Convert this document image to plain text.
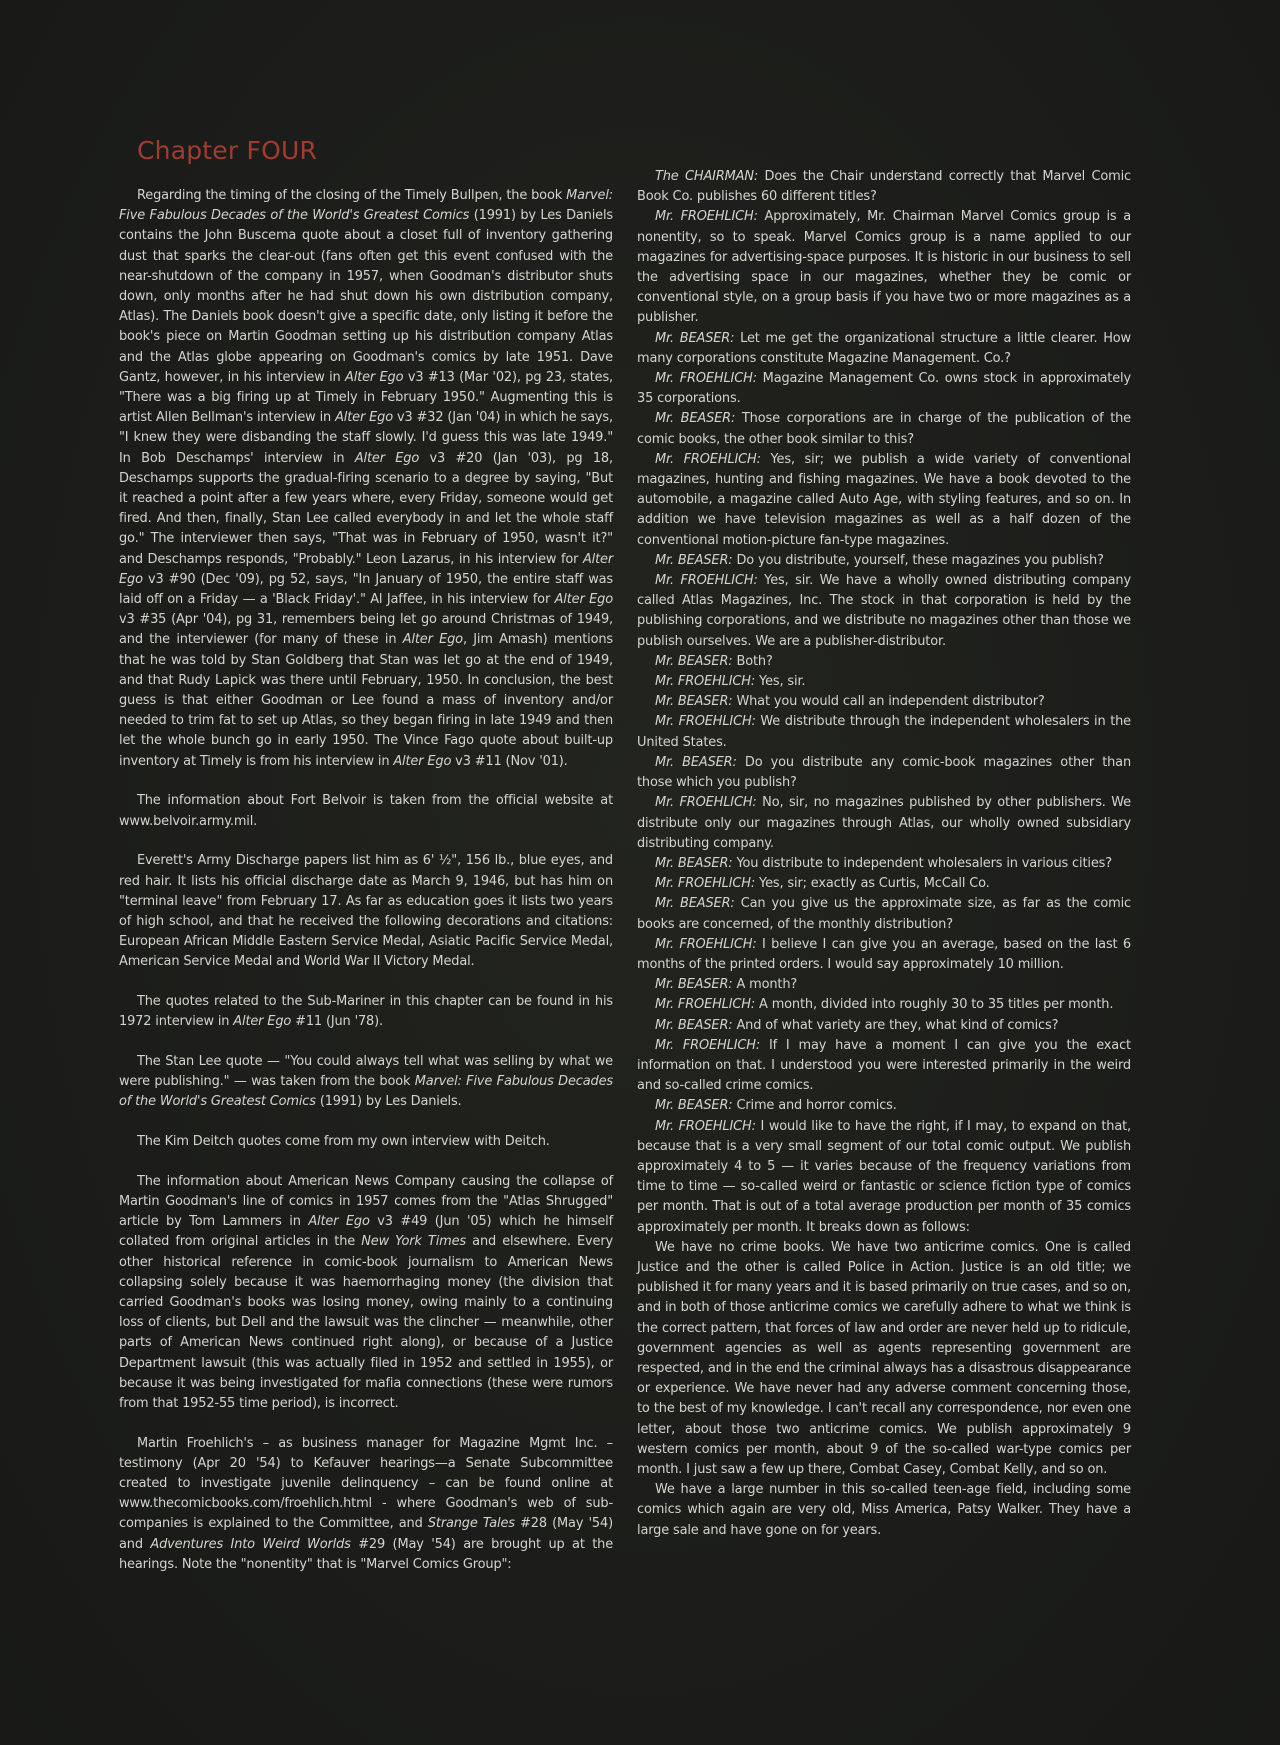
Chapter FOUR

Regarding the timing of the closing of the Timely Bullpen, the book Marvel: Five Fabulous Decades of the World's Greatest Comics (1991) by Les Daniels contains the John Buscema quote about a closet full of inventory gathering dust that sparks the clear-out (fans often get this event confused with the near-shutdown of the company in 1957, when Goodman's distributor shuts down, only months after he had shut down his own distribution company, Atlas). The Daniels book doesn't give a specific date, only listing it before the book's piece on Martin Goodman setting up his distribution company Atlas and the Atlas globe appearing on Goodman's comics by late 1951. Dave Gantz, however, in his interview in Alter Ego v3 #13 (Mar '02), pg 23, states, "There was a big firing up at Timely in February 1950." Augmenting this is artist Allen Bellman's interview in Alter Ego v3 #32 (Jan '04) in which he says, "I knew they were disbanding the staff slowly. I'd guess this was late 1949." In Bob Deschamps' interview in Alter Ego v3 #20 (Jan '03), pg 18, Deschamps supports the gradual-firing scenario to a degree by saying, "But it reached a point after a few years where, every Friday, someone would get fired. And then, finally, Stan Lee called everybody in and let the whole staff go." The interviewer then says, "That was in February of 1950, wasn't it?" and Deschamps responds, "Probably." Leon Lazarus, in his interview for Alter Ego v3 #90 (Dec '09), pg 52, says, "In January of 1950, the entire staff was laid off on a Friday — a 'Black Friday'." Al Jaffee, in his interview for Alter Ego v3 #35 (Apr '04), pg 31, remembers being let go around Christmas of 1949, and the interviewer (for many of these in Alter Ego, Jim Amash) mentions that he was told by Stan Goldberg that Stan was let go at the end of 1949, and that Rudy Lapick was there until February, 1950. In conclusion, the best guess is that either Goodman or Lee found a mass of inventory and/or needed to trim fat to set up Atlas, so they began firing in late 1949 and then let the whole bunch go in early 1950. The Vince Fago quote about built-up inventory at Timely is from his interview in Alter Ego v3 #11 (Nov '01).

The information about Fort Belvoir is taken from the official website at www.belvoir.army.mil.

Everett's Army Discharge papers list him as 6' ½", 156 lb., blue eyes, and red hair. It lists his official discharge date as March 9, 1946, but has him on "terminal leave" from February 17. As far as education goes it lists two years of high school, and that he received the following decorations and citations: European African Middle Eastern Service Medal, Asiatic Pacific Service Medal, American Service Medal and World War II Victory Medal.

The quotes related to the Sub-Mariner in this chapter can be found in his 1972 interview in Alter Ego #11 (Jun '78).

The Stan Lee quote — "You could always tell what was selling by what we were publishing." — was taken from the book Marvel: Five Fabulous Decades of the World's Greatest Comics (1991) by Les Daniels.

The Kim Deitch quotes come from my own interview with Deitch.

The information about American News Company causing the collapse of Martin Goodman's line of comics in 1957 comes from the "Atlas Shrugged" article by Tom Lammers in Alter Ego v3 #49 (Jun '05) which he himself collated from original articles in the New York Times and elsewhere. Every other historical reference in comic-book journalism to American News collapsing solely because it was haemorrhaging money (the division that carried Goodman's books was losing money, owing mainly to a continuing loss of clients, but Dell and the lawsuit was the clincher — meanwhile, other parts of American News continued right along), or because of a Justice Department lawsuit (this was actually filed in 1952 and settled in 1955), or because it was being investigated for mafia connections (these were rumors from that 1952-55 time period), is incorrect.

Martin Froehlich's – as business manager for Magazine Mgmt Inc. – testimony (Apr 20 '54) to Kefauver hearings—a Senate Subcommittee created to investigate juvenile delinquency – can be found online at www.thecomicbooks.com/froehlich.html - where Goodman's web of sub-companies is explained to the Committee, and Strange Tales #28 (May '54) and Adventures Into Weird Worlds #29 (May '54) are brought up at the hearings. Note the "nonentity" that is "Marvel Comics Group":

The CHAIRMAN: Does the Chair understand correctly that Marvel Comic Book Co. publishes 60 different titles?

Mr. FROEHLICH: Approximately, Mr. Chairman Marvel Comics group is a nonentity, so to speak. Marvel Comics group is a name applied to our magazines for advertising-space purposes. It is historic in our business to sell the advertising space in our magazines, whether they be comic or conventional style, on a group basis if you have two or more magazines as a publisher.

Mr. BEASER: Let me get the organizational structure a little clearer. How many corporations constitute Magazine Management. Co.?

Mr. FROEHLICH: Magazine Management Co. owns stock in approximately 35 corporations.

Mr. BEASER: Those corporations are in charge of the publication of the comic books, the other book similar to this?

Mr. FROEHLICH: Yes, sir; we publish a wide variety of conventional magazines, hunting and fishing magazines. We have a book devoted to the automobile, a magazine called Auto Age, with styling features, and so on. In addition we have television magazines as well as a half dozen of the conventional motion-picture fan-type magazines.

Mr. BEASER: Do you distribute, yourself, these magazines you publish?

Mr. FROEHLICH: Yes, sir. We have a wholly owned distributing company called Atlas Magazines, Inc. The stock in that corporation is held by the publishing corporations, and we distribute no magazines other than those we publish ourselves. We are a publisher-distributor.

Mr. BEASER: Both?

Mr. FROEHLICH: Yes, sir.

Mr. BEASER: What you would call an independent distributor?

Mr. FROEHLICH: We distribute through the independent wholesalers in the United States.

Mr. BEASER: Do you distribute any comic-book magazines other than those which you publish?

Mr. FROEHLICH: No, sir, no magazines published by other publishers. We distribute only our magazines through Atlas, our wholly owned subsidiary distributing company.

Mr. BEASER: You distribute to independent wholesalers in various cities?

Mr. FROEHLICH: Yes, sir; exactly as Curtis, McCall Co.

Mr. BEASER: Can you give us the approximate size, as far as the comic books are concerned, of the monthly distribution?

Mr. FROEHLICH: I believe I can give you an average, based on the last 6 months of the printed orders. I would say approximately 10 million.

Mr. BEASER: A month?

Mr. FROEHLICH: A month, divided into roughly 30 to 35 titles per month.

Mr. BEASER: And of what variety are they, what kind of comics?

Mr. FROEHLICH: If I may have a moment I can give you the exact information on that. I understood you were interested primarily in the weird and so-called crime comics.

Mr. BEASER: Crime and horror comics.

Mr. FROEHLICH: I would like to have the right, if I may, to expand on that, because that is a very small segment of our total comic output. We publish approximately 4 to 5 — it varies because of the frequency variations from time to time — so-called weird or fantastic or science fiction type of comics per month. That is out of a total average production per month of 35 comics approximately per month. It breaks down as follows:

We have no crime books. We have two anticrime comics. One is called Justice and the other is called Police in Action. Justice is an old title; we published it for many years and it is based primarily on true cases, and so on, and in both of those anticrime comics we carefully adhere to what we think is the correct pattern, that forces of law and order are never held up to ridicule, government agencies as well as agents representing government are respected, and in the end the criminal always has a disastrous disappearance or experience. We have never had any adverse comment concerning those, to the best of my knowledge. I can't recall any correspondence, nor even one letter, about those two anticrime comics. We publish approximately 9 western comics per month, about 9 of the so-called war-type comics per month. I just saw a few up there, Combat Casey, Combat Kelly, and so on.

We have a large number in this so-called teen-age field, including some comics which again are very old, Miss America, Patsy Walker. They have a large sale and have gone on for years.
